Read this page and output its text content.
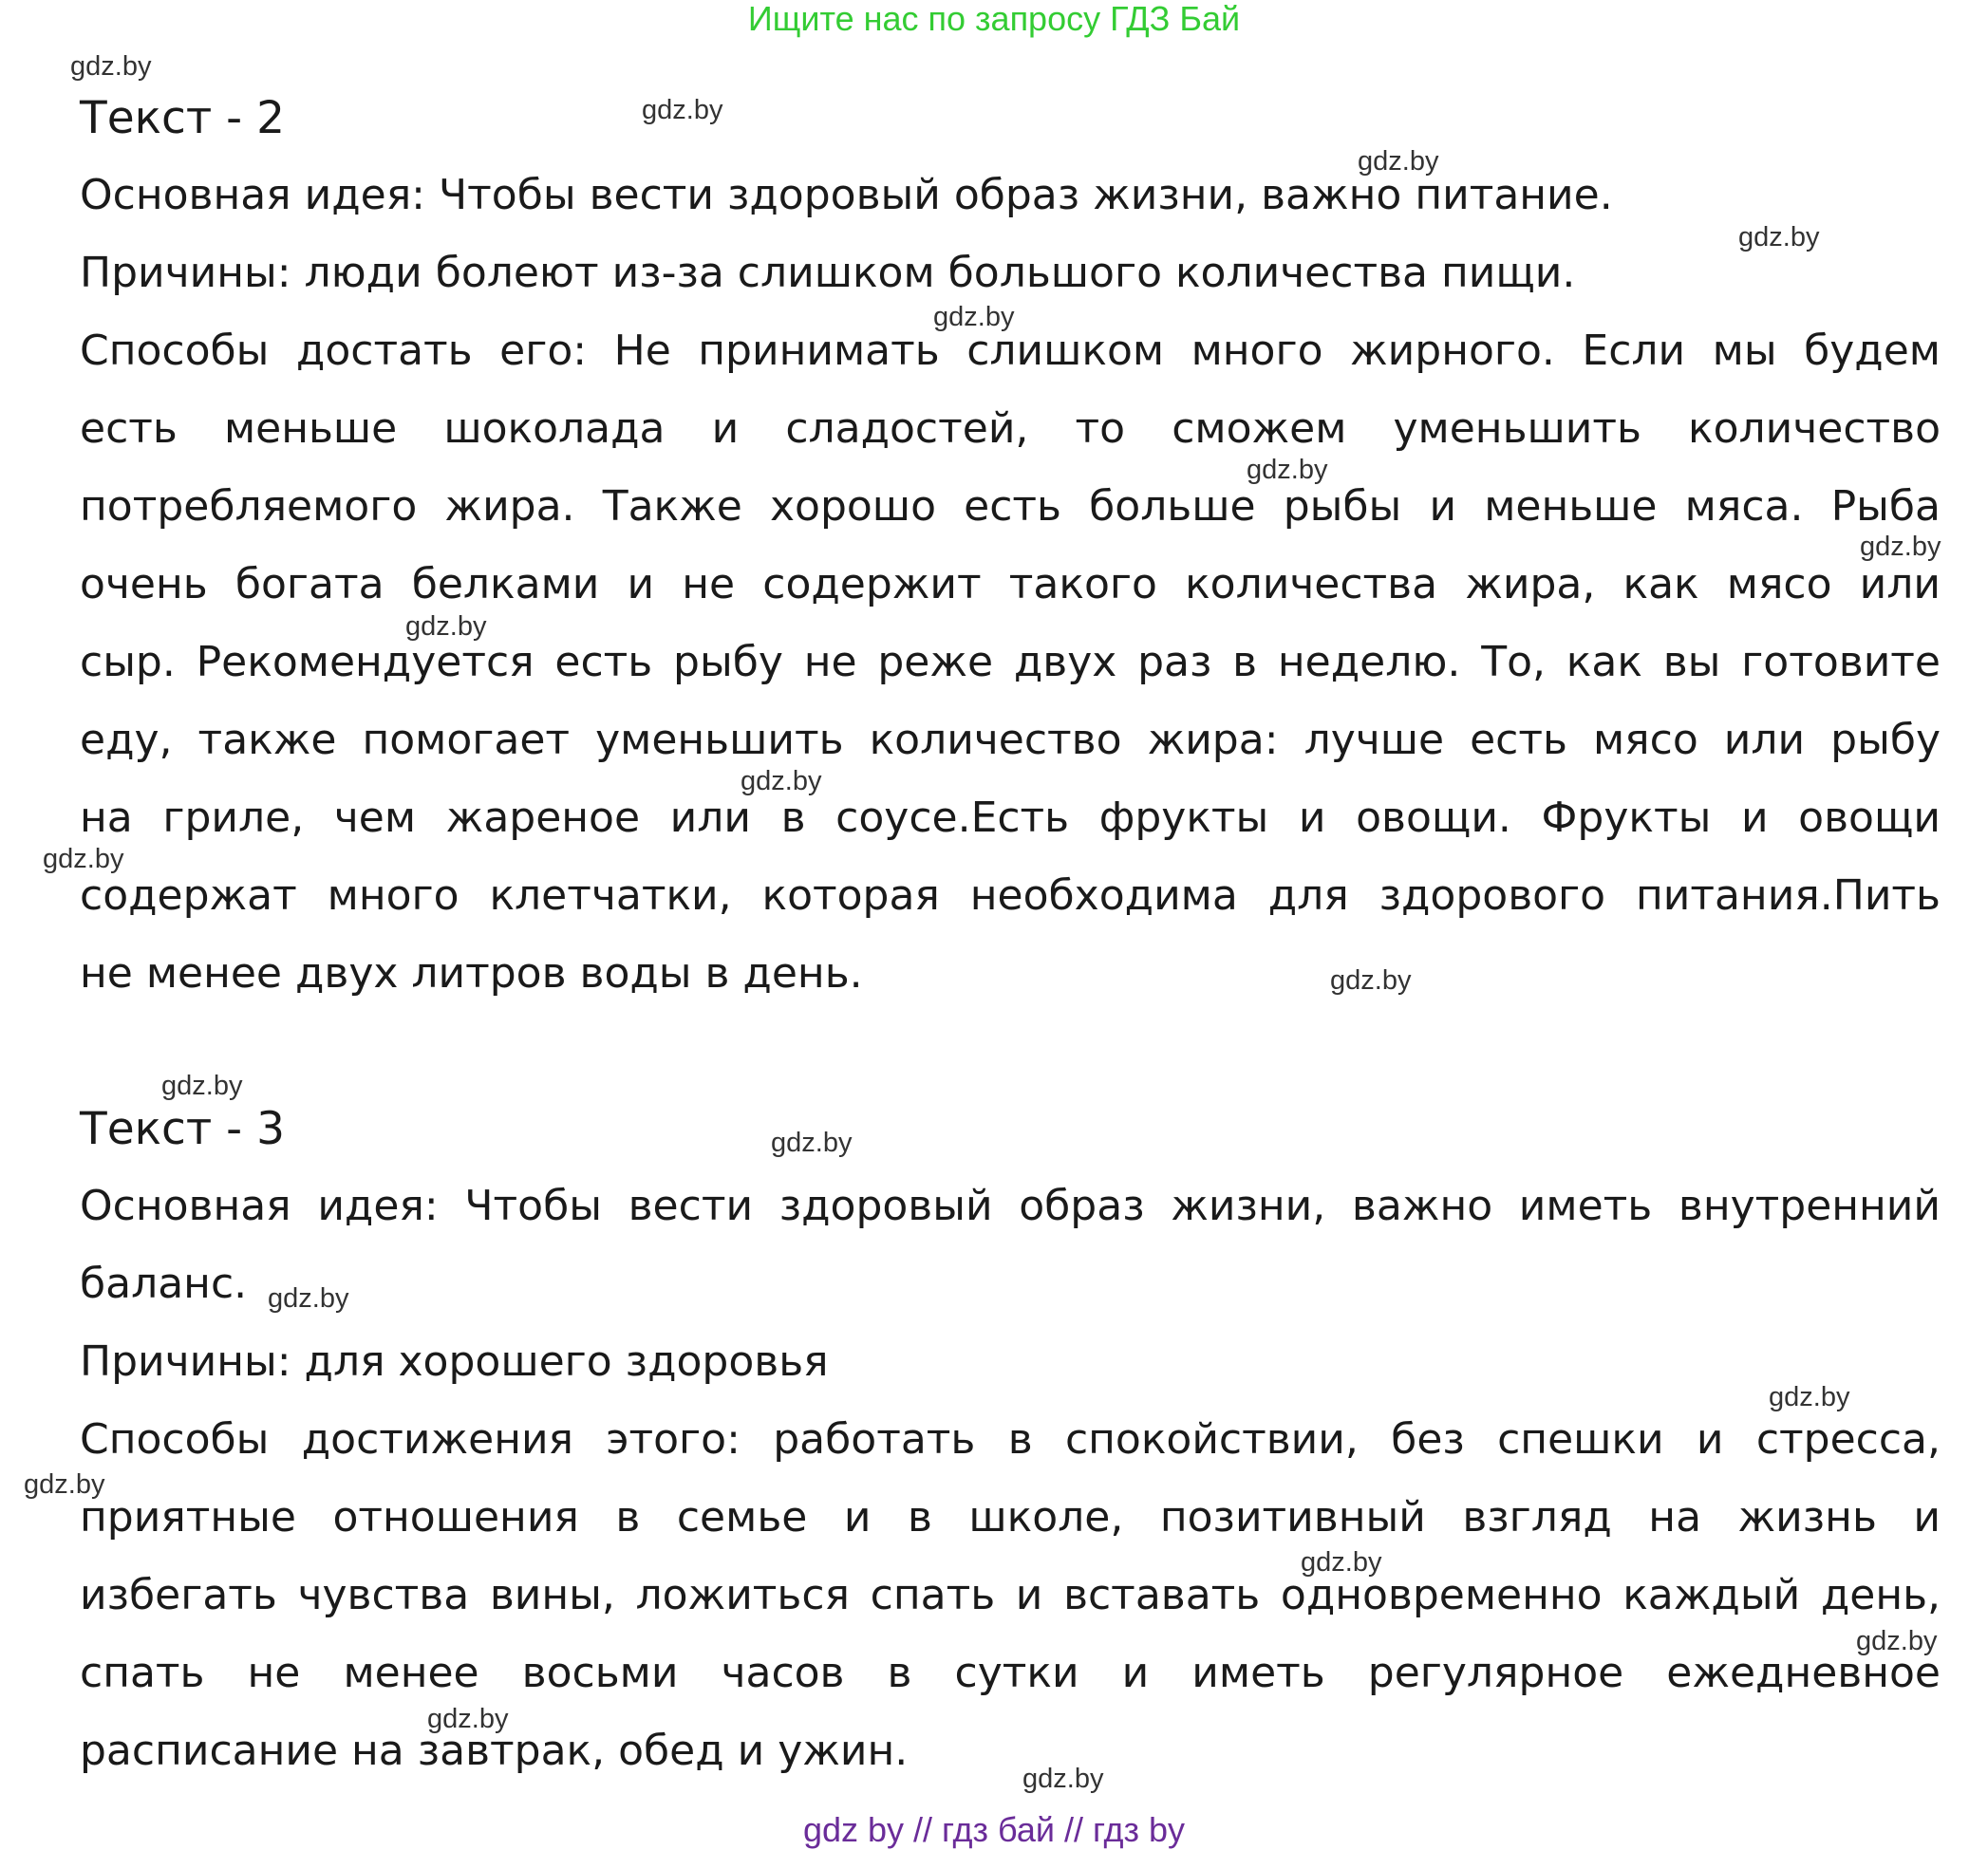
Ищите нас по запросу ГДЗ Бай
Текст - 2
Основная идея: Чтобы вести здоровый образ жизни, важно питание.
Причины: люди болеют из-за слишком большого количества пищи.
Способы достать его: Не принимать слишком много жирного. Если мы будем
есть меньше шоколада и сладостей, то сможем уменьшить количество
потребляемого жира. Также хорошо есть больше рыбы и меньше мяса. Рыба
очень богата белками и не содержит такого количества жира, как мясо или
сыр. Рекомендуется есть рыбу не реже двух раз в неделю. То, как вы готовите
еду, также помогает уменьшить количество жира: лучше есть мясо или рыбу
на гриле, чем жареное или в соусе.Есть фрукты и овощи. Фрукты и овощи
содержат много клетчатки, которая необходима для здорового питания.Пить
не менее двух литров воды в день.
Текст - 3
Основная идея: Чтобы вести здоровый образ жизни, важно иметь внутренний
баланс.
Причины: для хорошего здоровья
Способы достижения этого: работать в спокойствии, без спешки и стресса,
приятные отношения в семье и в школе, позитивный взгляд на жизнь и
избегать чувства вины, ложиться спать и вставать одновременно каждый день,
спать не менее восьми часов в сутки и иметь регулярное ежедневное
расписание на завтрак, обед и ужин.
gdz.by
gdz.by
gdz.by
gdz.by
gdz.by
gdz.by
gdz.by
gdz.by
gdz.by
gdz.by
gdz.by
gdz.by
gdz.by
gdz.by
gdz.by
gdz.by
gdz.by
gdz.by
gdz.by
gdz.by
gdz by // гдз бай // гдз by
